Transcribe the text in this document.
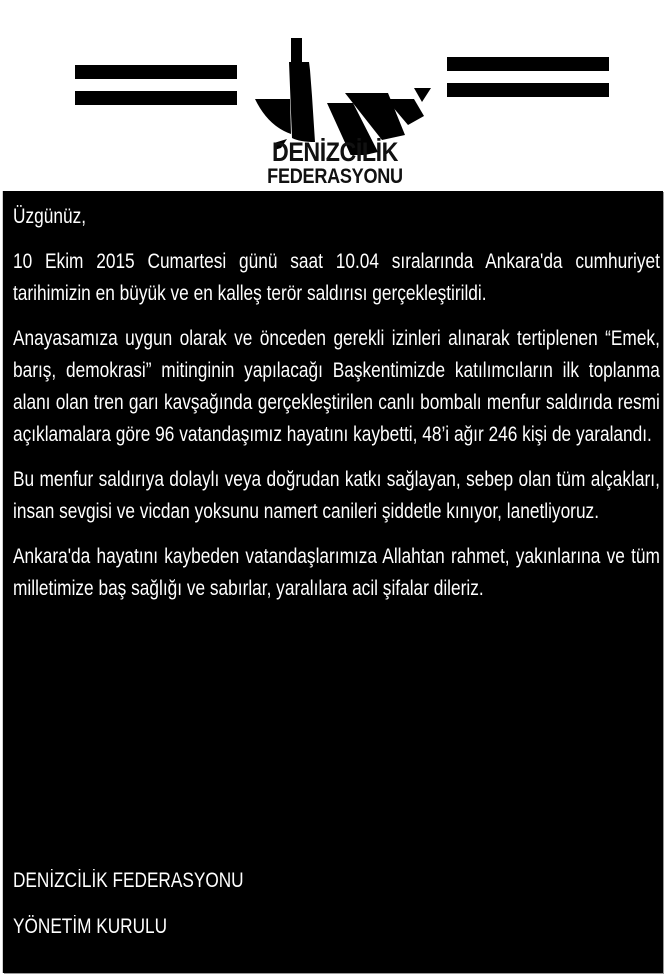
DENİZCİLİK
FEDERASYONU

Üzgünüz,

10 Ekim 2015 Cumartesi günü saat 10.04 sıralarında Ankara'da cumhuriyet tarihimizin en büyük ve en kalleş terör saldırısı gerçekleştirildi.

Anayasamıza uygun olarak ve önceden gerekli izinleri alınarak tertiplenen “Emek, barış, demokrasi” mitinginin yapılacağı Başkentimizde katılımcıların ilk toplanma alanı olan tren garı kavşağında gerçekleştirilen canlı bombalı menfur saldırıda resmi açıklamalara göre 96 vatandaşımız hayatını kaybetti, 48’i ağır 246 kişi de yaralandı.

Bu menfur saldırıya dolaylı veya doğrudan katkı sağlayan, sebep olan tüm alçakları, insan sevgisi ve vicdan yoksunu namert canileri şiddetle kınıyor, lanetliyoruz.

Ankara'da hayatını kaybeden vatandaşlarımıza Allahtan rahmet, yakınlarına ve tüm milletimize baş sağlığı ve sabırlar, yaralılara acil şifalar dileriz.

DENİZCİLİK FEDERASYONU
YÖNETİM KURULU
